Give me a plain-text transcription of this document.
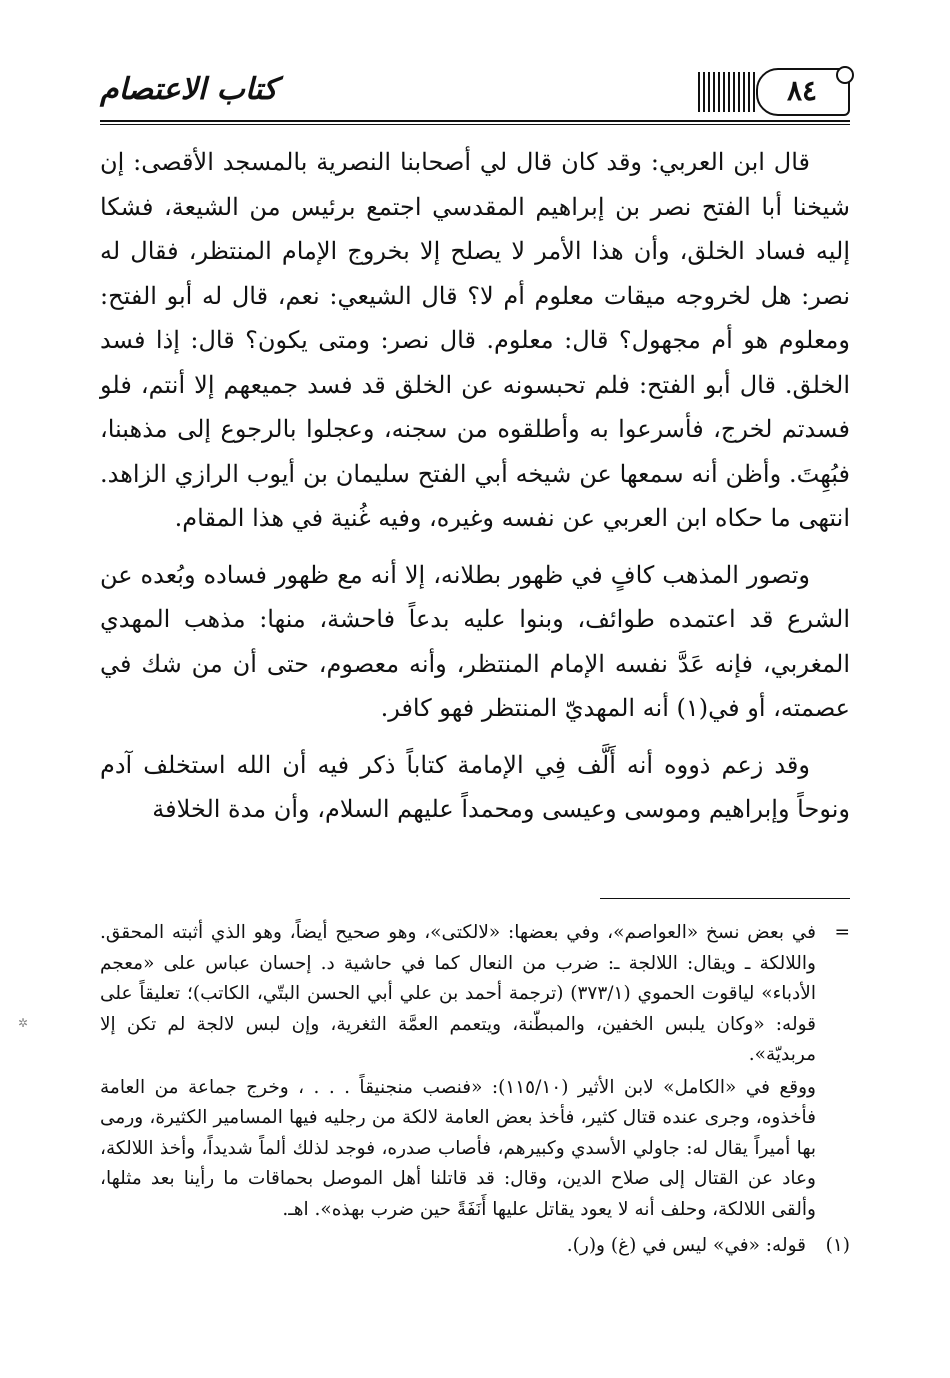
كتاب الاعتصام	٨٤

قال ابن العربي: وقد كان قال لي أصحابنا النصرية بالمسجد الأقصى: إن شيخنا أبا الفتح نصر بن إبراهيم المقدسي اجتمع برئيس من الشيعة، فشكا إليه فساد الخلق، وأن هذا الأمر لا يصلح إلا بخروج الإمام المنتظر، فقال له نصر: هل لخروجه ميقات معلوم أم لا؟ قال الشيعي: نعم، قال له أبو الفتح: ومعلوم هو أم مجهول؟ قال: معلوم. قال نصر: ومتى يكون؟ قال: إذا فسد الخلق. قال أبو الفتح: فلم تحبسونه عن الخلق قد فسد جميعهم إلا أنتم، فلو فسدتم لخرج، فأسرعوا به وأطلقوه من سجنه، وعجلوا بالرجوع إلى مذهبنا، فبُهِتَ. وأظن أنه سمعها عن شيخه أبي الفتح سليمان بن أيوب الرازي الزاهد. انتهى ما حكاه ابن العربي عن نفسه وغيره، وفيه غُنية في هذا المقام.

وتصور المذهب كافٍ في ظهور بطلانه، إلا أنه مع ظهور فساده وبُعده عن الشرع قد اعتمده طوائف، وبنوا عليه بدعاً فاحشة، منها: مذهب المهدي المغربي، فإنه عَدَّ نفسه الإمام المنتظر، وأنه معصوم، حتى أن من شك في عصمته، أو في(١) أنه المهديّ المنتظر فهو كافر.

وقد زعم ذووه أنه أَلَّف فِي الإمامة كتاباً ذكر فيه أن الله استخلف آدم ونوحاً وإبراهيم وموسى وعيسى ومحمداً عليهم السلام، وأن مدة الخلافة

=
في بعض نسخ «العواصم»، وفي بعضها: «لالكتى»، وهو صحيح أيضاً، وهو الذي أثبته المحقق. واللالكة ـ ويقال: اللالجة ـ: ضرب من النعال كما في حاشية د. إحسان عباس على «معجم الأدباء» لياقوت الحموي (٣٧٣/١) (ترجمة أحمد بن علي أبي الحسن البتّي، الكاتب)؛ تعليقاً على قوله: «وكان يلبس الخفين، والمبطّنة، ويتعمم العمَّة الثغرية، وإن لبس لالجة لم تكن إلا مربديّة».
ووقع في «الكامل» لابن الأثير (١١٥/١٠): «فنصب منجنيقاً . . . ، وخرج جماعة من العامة فأخذوه، وجرى عنده قتال كثير، فأخذ بعض العامة لالكة من رجليه فيها المسامير الكثيرة، ورمى بها أميراً يقال له: جاولي الأسدي وكبيرهم، فأصاب صدره، فوجد لذلك ألماً شديداً، وأخذ اللالكة، وعاد عن القتال إلى صلاح الدين، وقال: قد قاتلنا أهل الموصل بحماقات ما رأينا بعد مثلها، وألقى اللالكة، وحلف أنه لا يعود يقاتل عليها أَنَفَةً حين ضرب بهذه». اهـ.
(١)
قوله: «في» ليس في (غ) و(ر).
✲
